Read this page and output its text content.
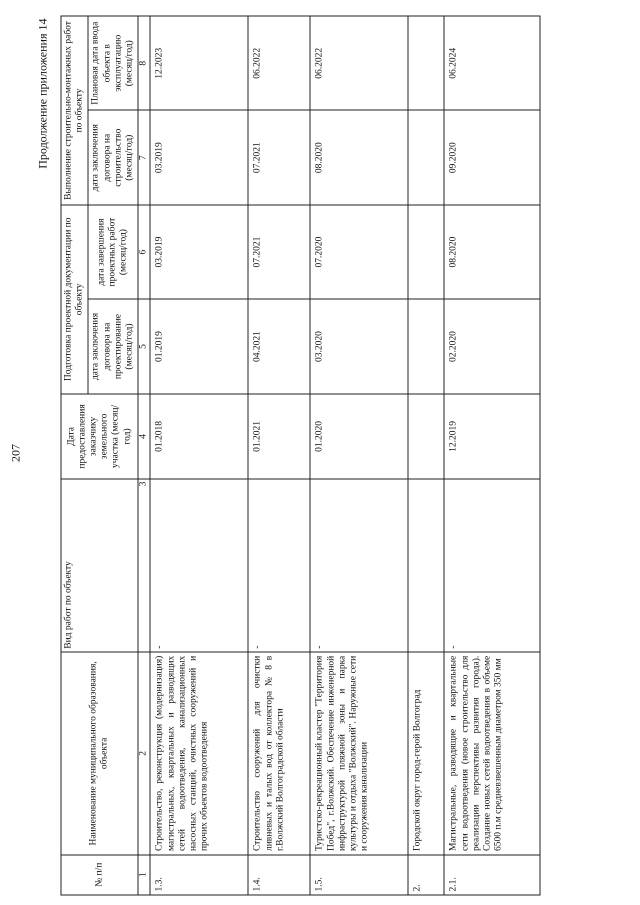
207
Продолжение приложения 14
№ п/п	Наименование муниципального образования, объекта	Вид работ по объекту	Дата предоставления заказчику земельного участка (месяц/год)	Подготовка проектной документации по объекту		Выполнение строительно-монтажных работ по объекту	
				дата заключения договора на проектирование (месяц/год)	дата завершения проектных работ (месяц/год)	дата заключения договора на строительство (месяц/год)	Плановая дата ввода объекта в эксплуатацию (месяц/год)
1	2	3	4	5	6	7	8
1.3.	Строительство, реконструкция (модернизация) магистральных, квартальных и разводящих сетей водоотведения, канализационных насосных станций, очистных сооружений и прочих объектов водоотведения	-	01.2018	01.2019	03.2019	03.2019	12.2023
1.4.	Строительство сооружений для очистки ливневых и талых вод от коллектора № 8 в г.Волжский Волгоградской области	-	01.2021	04.2021	07.2021	07.2021	06.2022
1.5.	Туристско-рекреационный кластер "Территория Побед", г.Волжский. Обеспечение инженерной инфраструктурой пляжной зоны и парка культуры и отдыха "Волжский". Наружные сети и сооружения канализации	-	01.2020	03.2020	07.2020	08.2020	06.2022
2.	Городской округ город-герой Волгоград						
2.1.	Магистральные, разводящие и квартальные сети водоотведения (новое строительство для реализации перспективы развития города). Создание новых сетей водоотведения в объеме 6500 п.м средневзвешенным диаметром 350 мм	-	12.2019	02.2020	08.2020	09.2020	06.2024
